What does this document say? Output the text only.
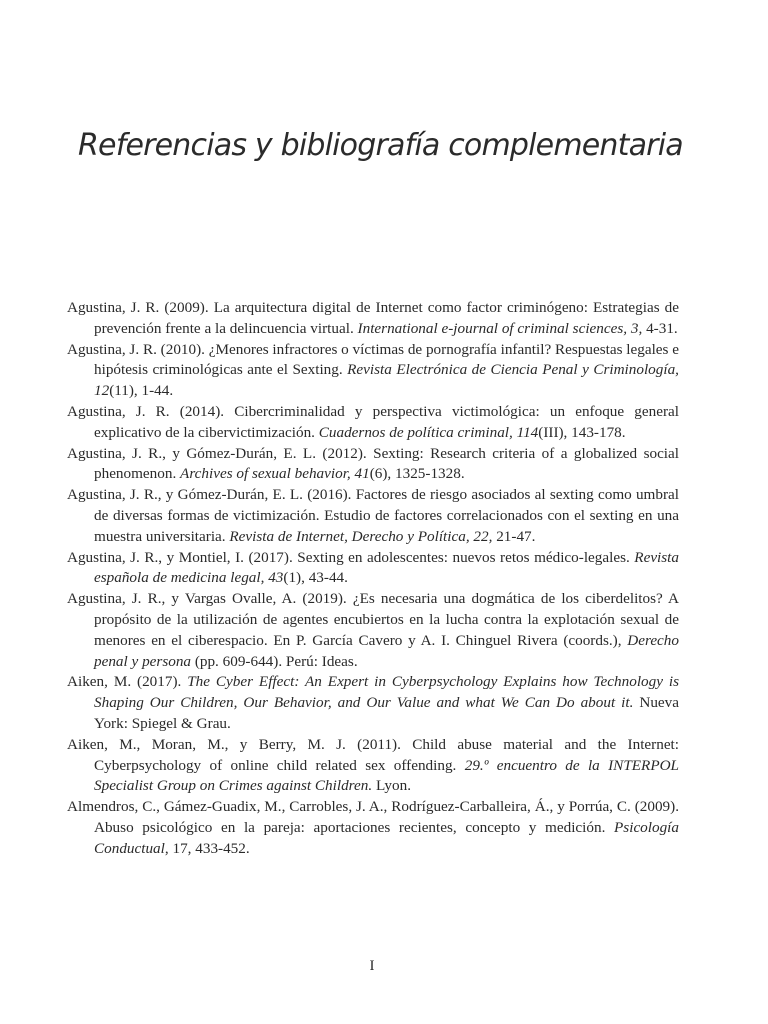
Referencias y bibliografía complementaria
Agustina, J. R. (2009). La arquitectura digital de Internet como factor criminógeno: Estrategias de prevención frente a la delincuencia virtual. International e-journal of criminal sciences, 3, 4-31.
Agustina, J. R. (2010). ¿Menores infractores o víctimas de pornografía infantil? Respuestas legales e hipótesis criminológicas ante el Sexting. Revista Electrónica de Ciencia Penal y Criminología, 12(11), 1-44.
Agustina, J. R. (2014). Cibercriminalidad y perspectiva victimológica: un enfoque general explicativo de la cibervictimización. Cuadernos de política criminal, 114(III), 143-178.
Agustina, J. R., y Gómez-Durán, E. L. (2012). Sexting: Research criteria of a globalized social phenomenon. Archives of sexual behavior, 41(6), 1325-1328.
Agustina, J. R., y Gómez-Durán, E. L. (2016). Factores de riesgo asociados al sexting como umbral de diversas formas de victimización. Estudio de factores correlacionados con el sexting en una muestra universitaria. Revista de Internet, Derecho y Política, 22, 21-47.
Agustina, J. R., y Montiel, I. (2017). Sexting en adolescentes: nuevos retos médico-legales. Revista española de medicina legal, 43(1), 43-44.
Agustina, J. R., y Vargas Ovalle, A. (2019). ¿Es necesaria una dogmática de los ciberdelitos? A propósito de la utilización de agentes encubiertos en la lucha contra la explotación sexual de menores en el ciberespacio. En P. García Cavero y A. I. Chinguel Rivera (coords.), Derecho penal y persona (pp. 609-644). Perú: Ideas.
Aiken, M. (2017). The Cyber Effect: An Expert in Cyberpsychology Explains how Technology is Shaping Our Children, Our Behavior, and Our Value and what We Can Do about it. Nueva York: Spiegel & Grau.
Aiken, M., Moran, M., y Berry, M. J. (2011). Child abuse material and the Internet: Cyberpsychology of online child related sex offending. 29.º encuentro de la INTERPOL Specialist Group on Crimes against Children. Lyon.
Almendros, C., Gámez-Guadix, M., Carrobles, J. A., Rodríguez-Carballeira, Á., y Porrúa, C. (2009). Abuso psicológico en la pareja: aportaciones recientes, concepto y medición. Psicología Conductual, 17, 433-452.
I
